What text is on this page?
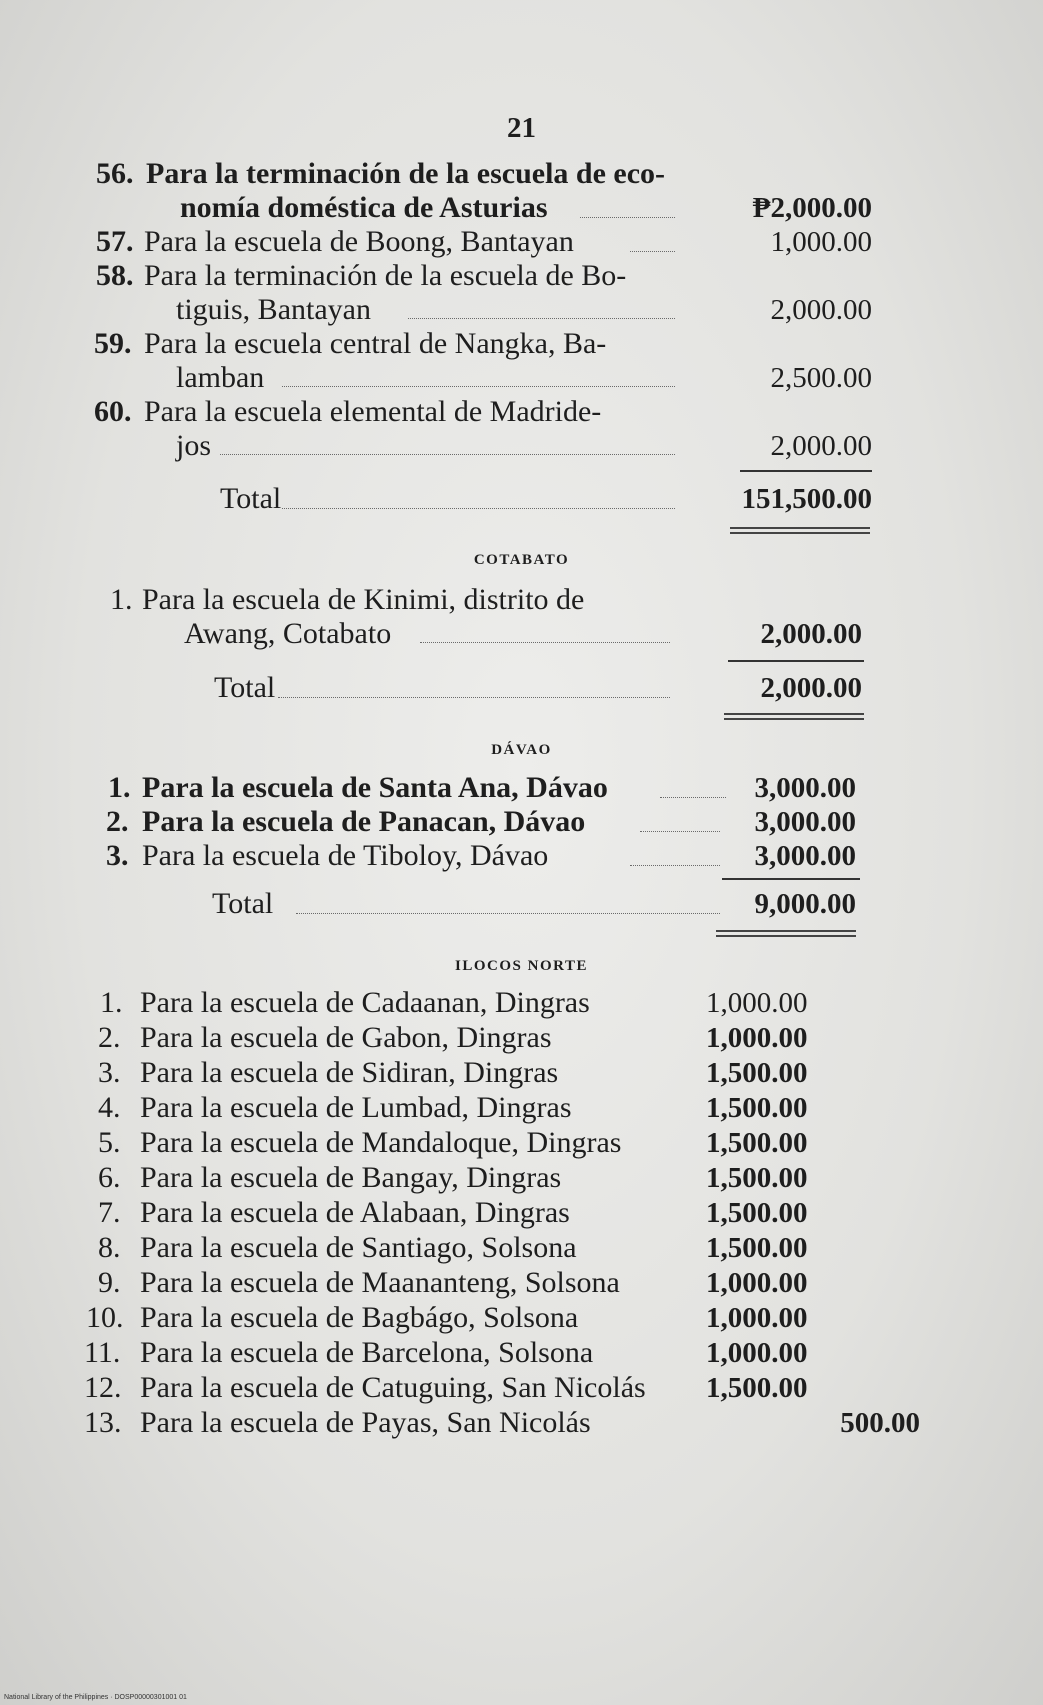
21
56. Para la terminación de la escuela de eco-
nomía doméstica de Asturias	₱2,000.00
57. Para la escuela de Boong, Bantayan	1,000.00
58. Para la terminación de la escuela de Bo-
tiguis, Bantayan	2,000.00
59. Para la escuela central de Nangka, Ba-
lamban	2,500.00
60. Para la escuela elemental de Madride-
jos	2,000.00
Total	151,500.00
COTABATO
1. Para la escuela de Kinimi, distrito de
Awang, Cotabato	2,000.00
Total	2,000.00
DÁVAO
1. Para la escuela de Santa Ana, Dávao	3,000.00
2. Para la escuela de Panacan, Dávao	3,000.00
3. Para la escuela de Tiboloy, Dávao	3,000.00
Total	9,000.00
ILOCOS NORTE
1. Para la escuela de Cadaanan, Dingras	1,000.00
2. Para la escuela de Gabon, Dingras	1,000.00
3. Para la escuela de Sidiran, Dingras	1,500.00
4. Para la escuela de Lumbad, Dingras	1,500.00
5. Para la escuela de Mandaloque, Dingras	1,500.00
6. Para la escuela de Bangay, Dingras	1,500.00
7. Para la escuela de Alabaan, Dingras	1,500.00
8. Para la escuela de Santiago, Solsona	1,500.00
9. Para la escuela de Maananteng, Solsona	1,000.00
10. Para la escuela de Bagbágo, Solsona	1,000.00
11. Para la escuela de Barcelona, Solsona	1,000.00
12. Para la escuela de Catuguing, San Nicolás 1,500.00
13. Para la escuela de Payas, San Nicolás	500.00
National Library of the Philippines · DOSP00000301001 01
